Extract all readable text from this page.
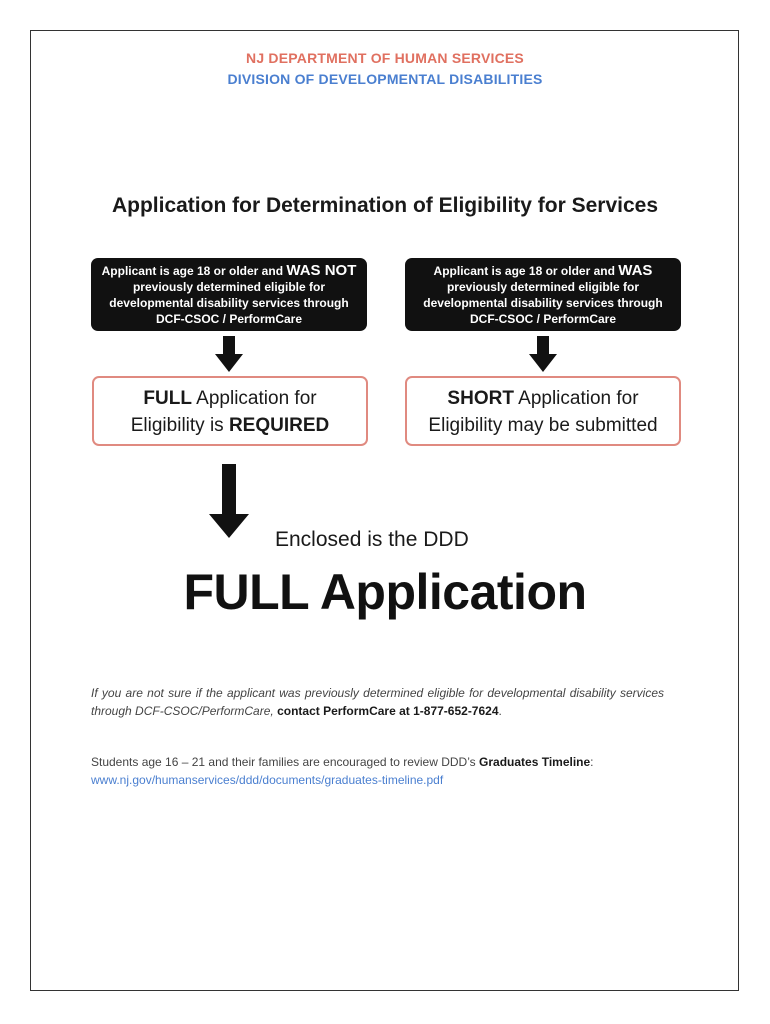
NJ DEPARTMENT OF HUMAN SERVICES
DIVISION OF DEVELOPMENTAL DISABILITIES
Application for Determination of Eligibility for Services
Applicant is age 18 or older and WAS NOT previously determined eligible for developmental disability services through DCF-CSOC / PerformCare
Applicant is age 18 or older and WAS previously determined eligible for developmental disability services through DCF-CSOC / PerformCare
FULL Application for
Eligibility is REQUIRED
SHORT Application for
Eligibility may be submitted
Enclosed is the DDD
FULL Application
If you are not sure if the applicant was previously determined eligible for developmental disability services through DCF-CSOC/PerformCare, contact PerformCare at 1-877-652-7624.
Students age 16 – 21 and their families are encouraged to review DDD’s Graduates Timeline:
www.nj.gov/humanservices/ddd/documents/graduates-timeline.pdf
